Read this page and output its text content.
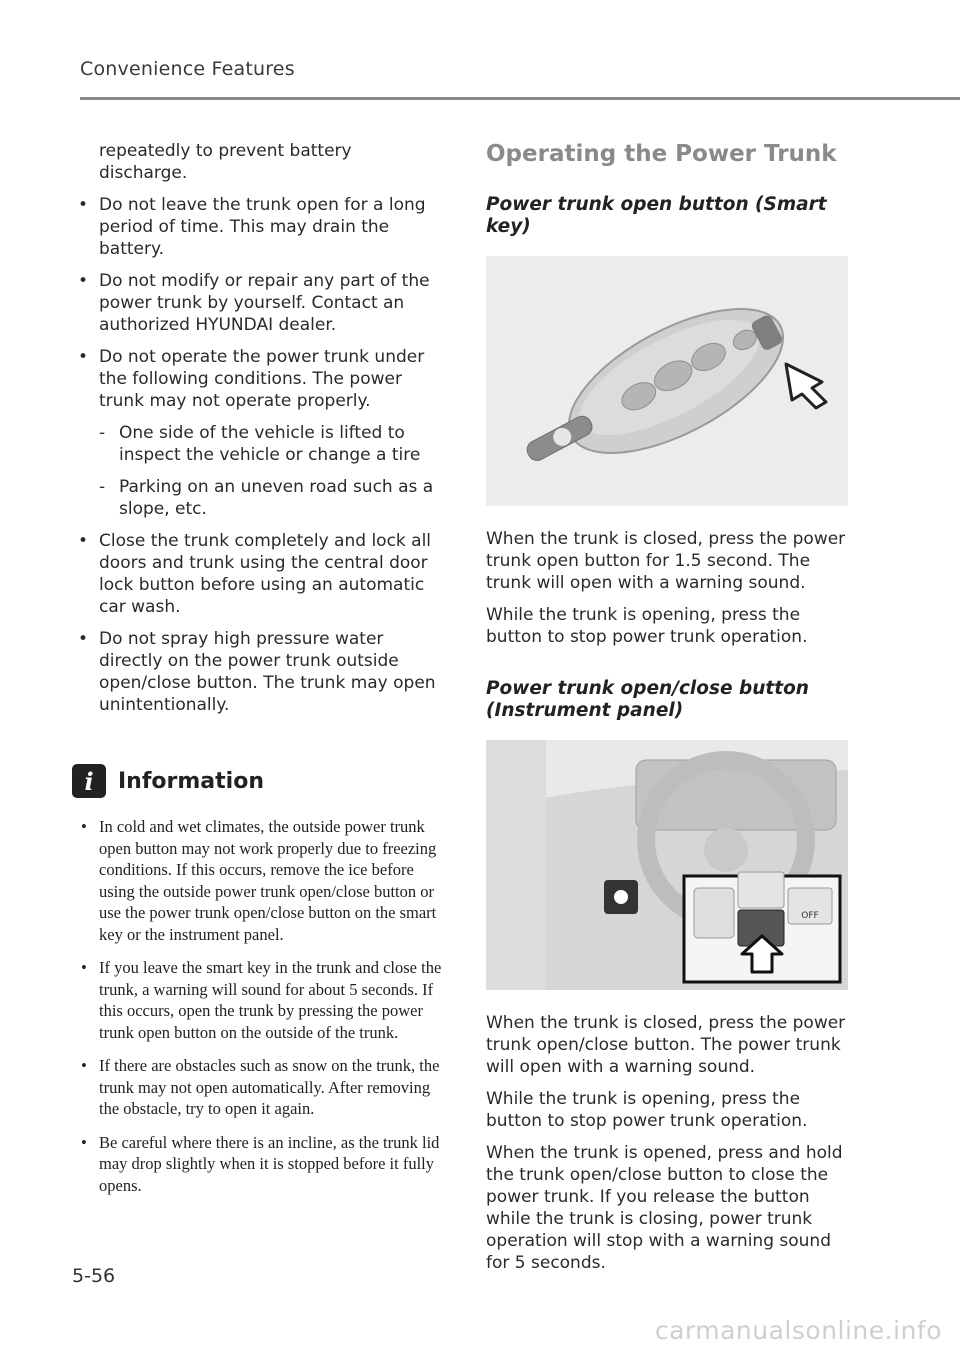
Convenience Features

repeatedly to prevent battery discharge.

• Do not leave the trunk open for a long period of time. This may drain the battery.
• Do not modify or repair any part of the power trunk by yourself. Contact an authorized HYUNDAI dealer.
• Do not operate the power trunk under the following conditions. The power trunk may not operate properly.
- One side of the vehicle is lifted to inspect the vehicle or change a tire
- Parking on an uneven road such as a slope, etc.
• Close the trunk completely and lock all doors and trunk using the central door lock button before using an automatic car wash.
• Do not spray high pressure water directly on the power trunk outside open/close button. The trunk may open unintentionally.
i	Information
• In cold and wet climates, the outside power trunk open button may not work properly due to freezing conditions. If this occurs, remove the ice before using the outside power trunk open/close button or use the power trunk open/close button on the smart key or the instrument panel.
• If you leave the smart key in the trunk and close the trunk, a warning will sound for about 5 seconds. If this occurs, open the trunk by pressing the power trunk open button on the outside of the trunk.
• If there are obstacles such as snow on the trunk, the trunk may not open automatically. After removing the obstacle, try to open it again.
• Be careful where there is an incline, as the trunk lid may drop slightly when it is stopped before it fully opens.
Operating the Power Trunk
Power trunk open button (Smart key)

When the trunk is closed, press the power trunk open button for 1.5 second. The trunk will open with a warning sound.

While the trunk is opening, press the button to stop power trunk operation.

Power trunk open/close button (Instrument panel)
OFF

When the trunk is closed, press the power trunk open/close button. The power trunk will open with a warning sound.

While the trunk is opening, press the button to stop power trunk operation.

When the trunk is opened, press and hold the trunk open/close button to close the power trunk. If you release the button while the trunk is closing, power trunk operation will stop with a warning sound for 5 seconds.

5-56
carmanualsonline.info
